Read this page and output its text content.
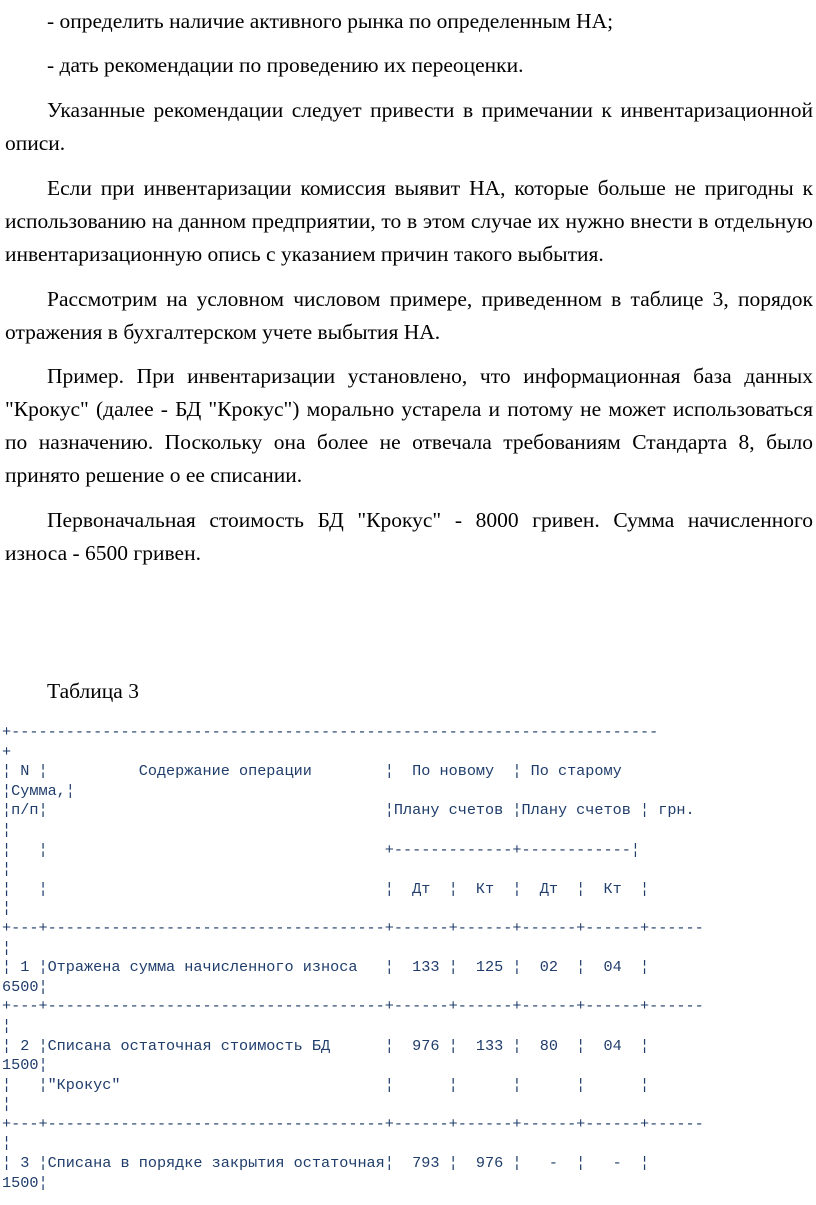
- определить наличие активного рынка по определенным НА;

- дать рекомендации по проведению их переоценки.

Указанные рекомендации следует привести в примечании к инвентаризационной описи.

Если при инвентаризации комиссия выявит НА, которые больше не пригодны к использованию на данном предприятии, то в этом случае их нужно внести в отдельную инвентаризационную опись с указанием причин такого выбытия.

Рассмотрим на условном числовом примере, приведенном в таблице 3, порядок отражения в бухгалтерском учете выбытия НА.

Пример. При инвентаризации установлено, что информационная база данных "Крокус" (далее - БД "Крокус") морально устарела и потому не может использоваться по назначению. Поскольку она более не отвечала требованиям Стандарта 8, было принято решение о ее списании.

Первоначальная стоимость БД "Крокус" - 8000 гривен. Сумма начисленного износа - 6500 гривен.

Таблица 3

+-----------------------------------------------------------------------
+
¦ N ¦          Содержание операции        ¦  По новому  ¦ По старому
¦Сумма,¦
¦п/п¦                                     ¦Плану счетов ¦Плану счетов ¦ грн.
¦
¦   ¦                                     +-------------+------------¦
¦
¦   ¦                                     ¦  Дт  ¦  Кт  ¦  Дт  ¦  Кт  ¦
¦
+---+-------------------------------------+------+------+------+------+------
¦
¦ 1 ¦Отражена сумма начисленного износа   ¦  133 ¦  125 ¦  02  ¦  04  ¦
6500¦
+---+-------------------------------------+------+------+------+------+------
¦
¦ 2 ¦Списана остаточная стоимость БД      ¦  976 ¦  133 ¦  80  ¦  04  ¦
1500¦
¦   ¦"Крокус"                             ¦      ¦      ¦      ¦      ¦
¦
+---+-------------------------------------+------+------+------+------+------
¦
¦ 3 ¦Списана в порядке закрытия остаточная¦  793 ¦  976 ¦   -  ¦   -  ¦
1500¦
